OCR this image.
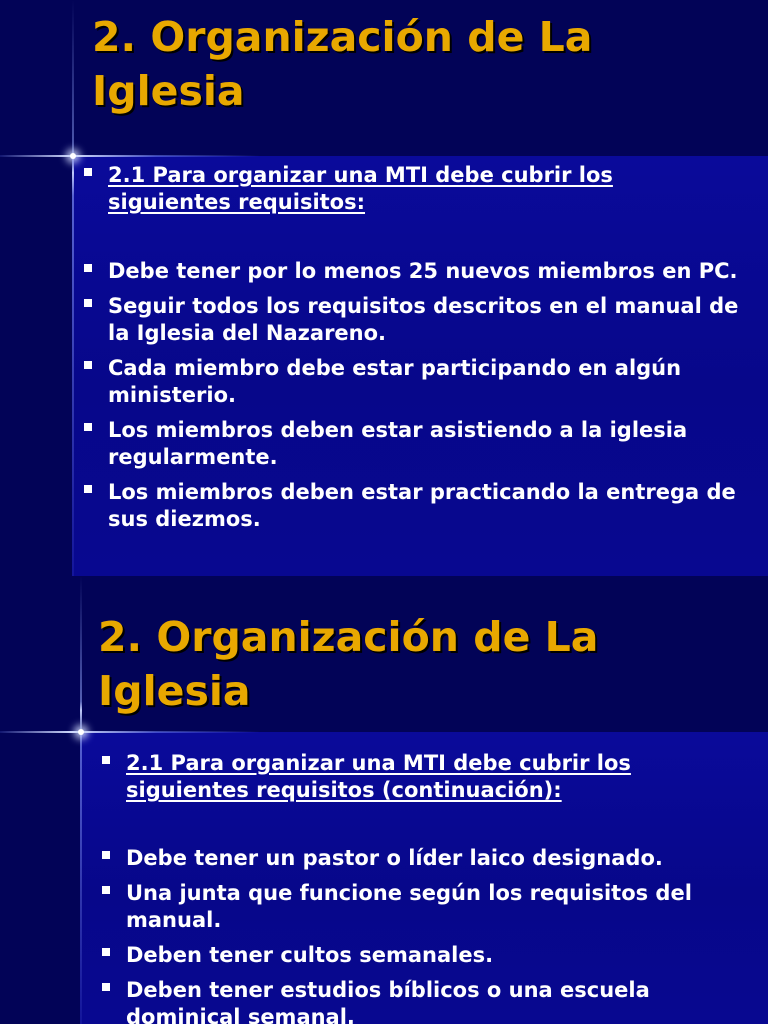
2. Organización de La
Iglesia
2.1 Para organizar una MTI debe cubrir los siguientes requisitos:
Debe tener por lo menos 25 nuevos miembros en PC.
Seguir todos los requisitos descritos en el manual de la Iglesia del Nazareno.
Cada miembro debe estar participando en algún ministerio.
Los miembros deben estar asistiendo a la iglesia regularmente.
Los miembros deben estar practicando la entrega de sus diezmos.
2. Organización de La
Iglesia
2.1 Para organizar una MTI debe cubrir los siguientes requisitos (continuación):
Debe tener un pastor o líder laico designado.
Una junta que funcione según los requisitos del manual.
Deben tener cultos semanales.
Deben tener estudios bíblicos o una escuela dominical semanal.
